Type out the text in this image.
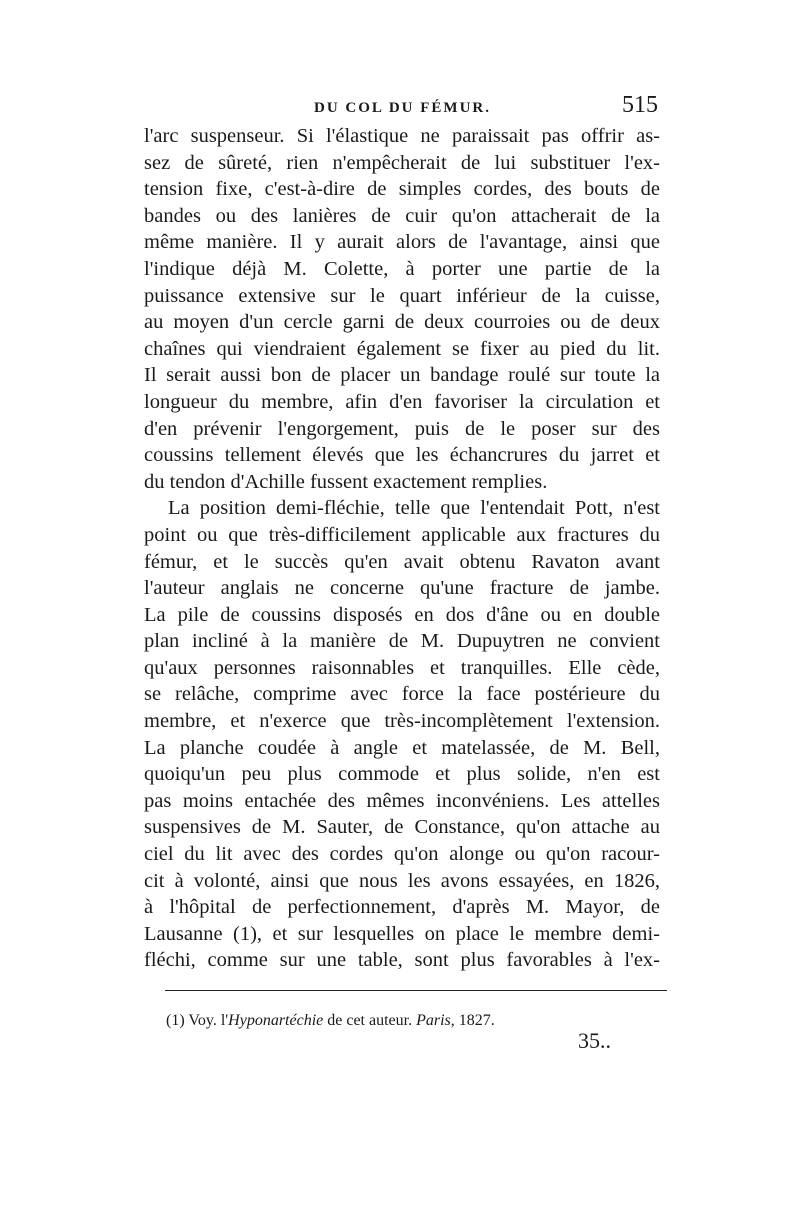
DU COL DU FÉMUR.	515
l'arc suspenseur. Si l'élastique ne paraissait pas offrir as-
sez de sûreté, rien n'empêcherait de lui substituer l'ex-
tension fixe, c'est-à-dire de simples cordes, des bouts de
bandes ou des lanières de cuir qu'on attacherait de la
même manière. Il y aurait alors de l'avantage, ainsi que
l'indique déjà M. Colette, à porter une partie de la
puissance extensive sur le quart inférieur de la cuisse,
au moyen d'un cercle garni de deux courroies ou de deux
chaînes qui viendraient également se fixer au pied du lit.
Il serait aussi bon de placer un bandage roulé sur toute la
longueur du membre, afin d'en favoriser la circulation et
d'en prévenir l'engorgement, puis de le poser sur des
coussins tellement élevés que les échancrures du jarret et
du tendon d'Achille fussent exactement remplies.
La position demi-fléchie, telle que l'entendait Pott, n'est
point ou que très-difficilement applicable aux fractures du
fémur, et le succès qu'en avait obtenu Ravaton avant
l'auteur anglais ne concerne qu'une fracture de jambe.
La pile de coussins disposés en dos d'âne ou en double
plan incliné à la manière de M. Dupuytren ne convient
qu'aux personnes raisonnables et tranquilles. Elle cède,
se relâche, comprime avec force la face postérieure du
membre, et n'exerce que très-incomplètement l'extension.
La planche coudée à angle et matelassée, de M. Bell,
quoiqu'un peu plus commode et plus solide, n'en est
pas moins entachée des mêmes inconvéniens. Les attelles
suspensives de M. Sauter, de Constance, qu'on attache au
ciel du lit avec des cordes qu'on alonge ou qu'on racour-
cit à volonté, ainsi que nous les avons essayées, en 1826,
à l'hôpital de perfectionnement, d'après M. Mayor, de
Lausanne (1), et sur lesquelles on place le membre demi-
fléchi, comme sur une table, sont plus favorables à l'ex-
(1) Voy. l'Hyponartéchie de cet auteur. Paris, 1827.
35..
